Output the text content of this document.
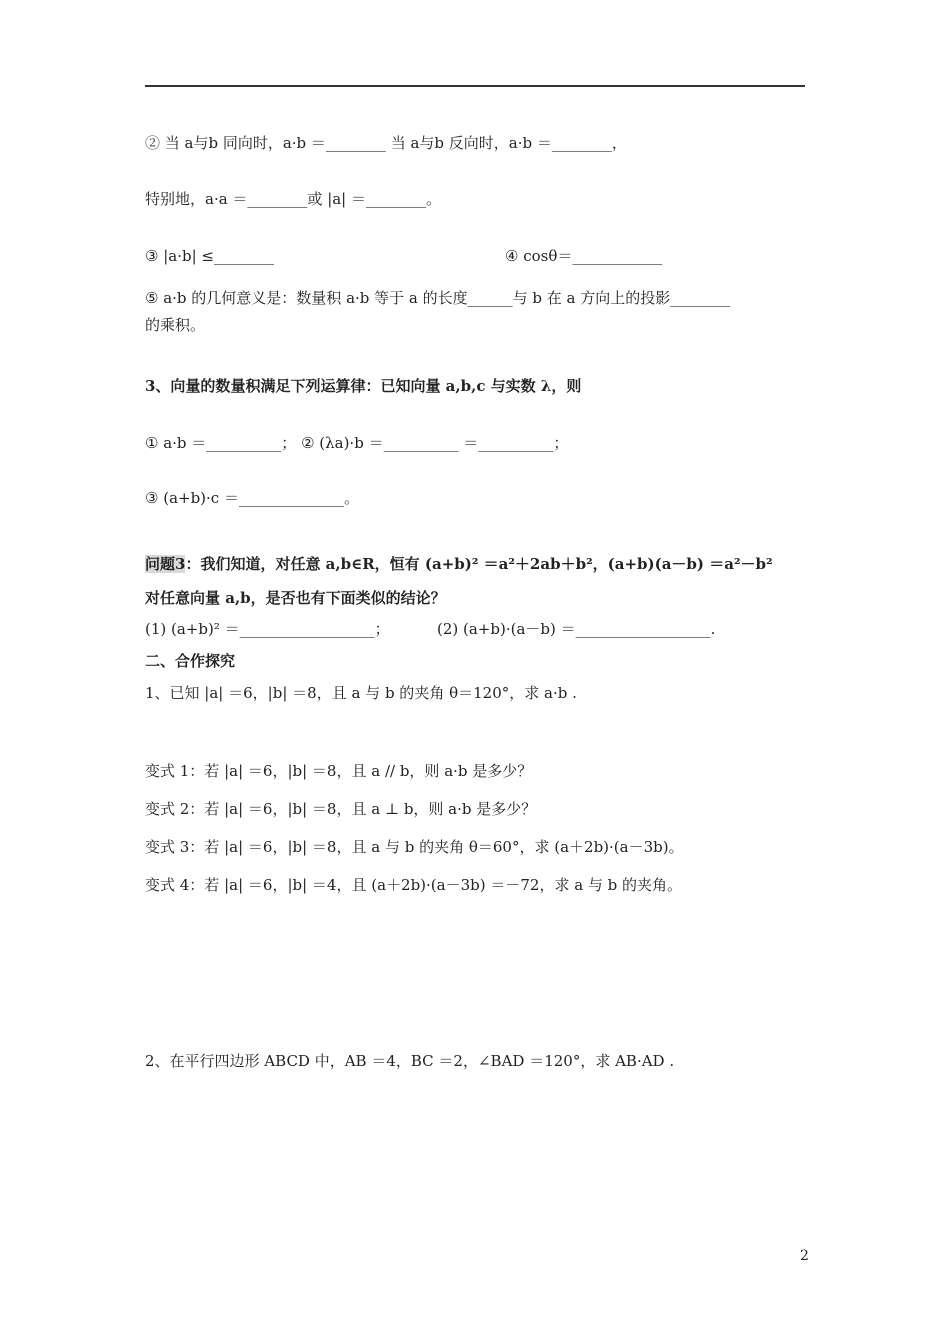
② 当 a与b 同向时，a·b ＝________ 当 a与b 反向时，a·b ＝________，
特别地，a·a ＝________或 |a| ＝________。
③ |a·b| ≤________	④ cosθ＝____________
⑤ a·b 的几何意义是：数量积 a·b 等于 a 的长度______与 b 在 a 方向上的投影________
的乘积。
3、向量的数量积满足下列运算律：已知向量 a,b,c 与实数 λ，则
① a·b ＝__________； ② (λa)·b ＝__________ ＝__________；
③ (a+b)·c ＝______________。
问题3：我们知道，对任意 a,b∈R，恒有 (a+b)² ＝a²＋2ab＋b²，(a+b)(a－b) ＝a²－b²
对任意向量 a,b，是否也有下面类似的结论？
(1) (a+b)² ＝__________________；	(2) (a+b)·(a－b) ＝__________________.
二、合作探究
1、已知 |a| ＝6，|b| ＝8，且 a 与 b 的夹角 θ＝120°，求 a·b .
变式 1：若 |a| ＝6，|b| ＝8，且 a // b，则 a·b 是多少？
变式 2：若 |a| ＝6，|b| ＝8，且 a ⊥ b，则 a·b 是多少？
变式 3：若 |a| ＝6，|b| ＝8，且 a 与 b 的夹角 θ＝60°，求 (a＋2b)·(a－3b)。
变式 4：若 |a| ＝6，|b| ＝4，且 (a＋2b)·(a－3b) ＝－72，求 a 与 b 的夹角。
2、在平行四边形 ABCD 中，AB ＝4，BC ＝2，∠BAD ＝120°，求 AB·AD .
2
